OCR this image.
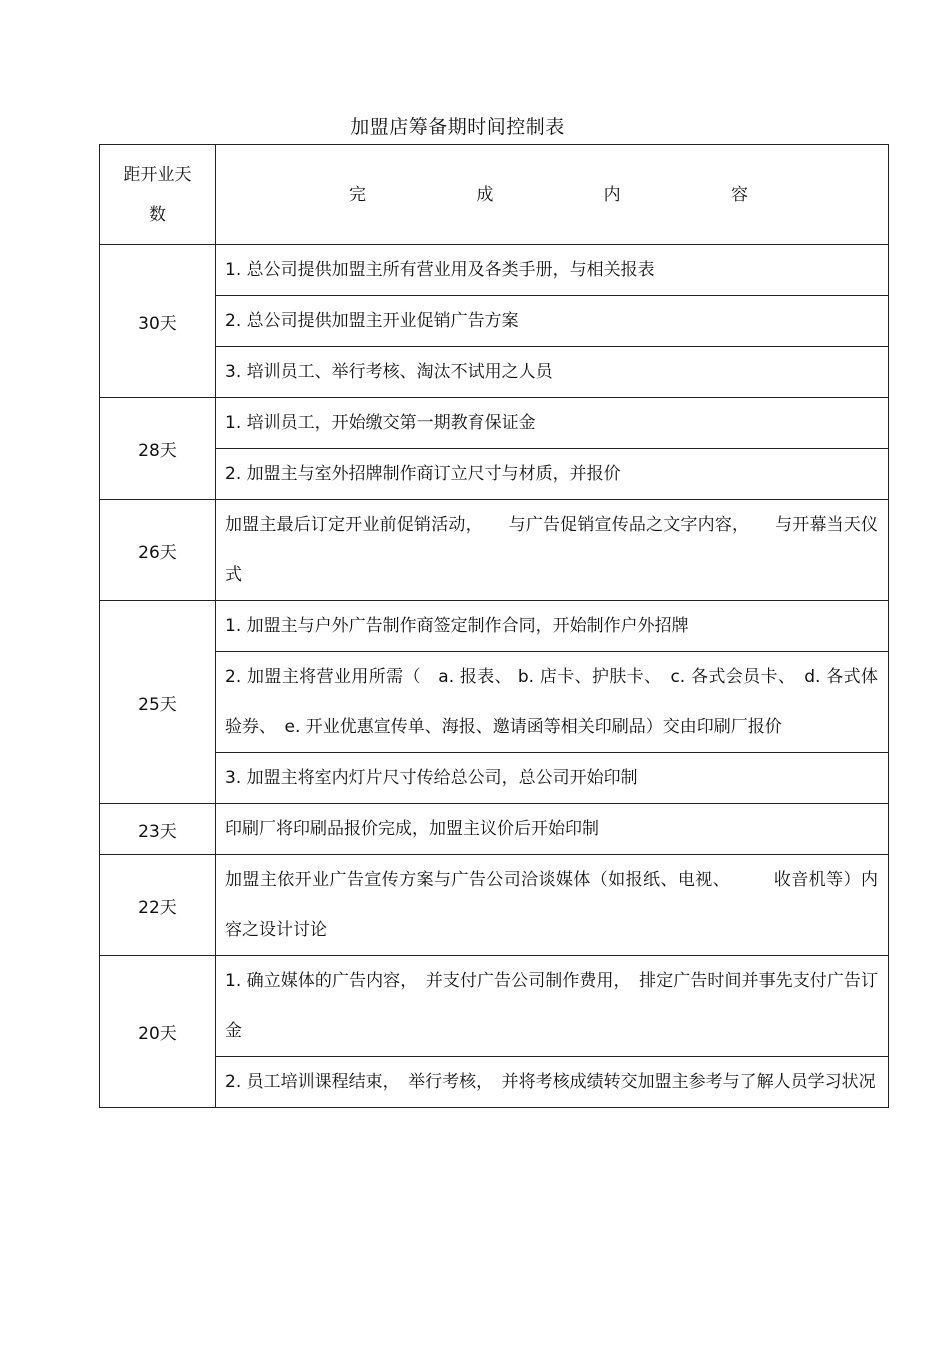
加盟店筹备期时间控制表
距开业天
数	完 成 内 容

30天	1. 总公司提供加盟主所有营业用及各类手册，与相关报表

	2. 总公司提供加盟主开业促销广告方案

	3. 培训员工、举行考核、淘汰不试用之人员

28天	1. 培训员工，开始缴交第一期教育保证金

	2. 加盟主与室外招牌制作商订立尺寸与材质，并报价

26天	加盟主最后订定开业前促销活动，　　与广告促销宣传品之文字内容，　　与开幕当天仪式

25天	1. 加盟主与户外广告制作商签定制作合同，开始制作户外招牌

	2. 加盟主将营业用所需（　a. 报表、 b. 店卡、护肤卡、　c. 各式会员卡、　d. 各式体验券、　e. 开业优惠宣传单、海报、邀请函等相关印刷品）交由印刷厂报价

	3. 加盟主将室内灯片尺寸传给总公司，总公司开始印制

23天	印刷厂将印刷品报价完成，加盟主议价后开始印制

22天	加盟主依开业广告宣传方案与广告公司洽谈媒体（如报纸、电视、　　　收音机等）内容之设计讨论

20天	1. 确立媒体的广告内容，　并支付广告公司制作费用，　排定广告时间并事先支付广告订金

	2. 员工培训课程结束，　举行考核，　并将考核成绩转交加盟主参考与了解人员学习状况
